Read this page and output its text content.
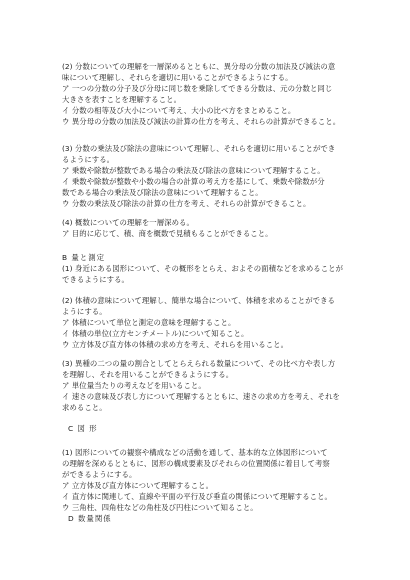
(2) 分数についての理解を一層深めるとともに、異分母の分数の加法及び減法の意
味について理解し、それらを適切に用いることができるようにする。
ア 一つの分数の分子及び分母に同じ数を乗除してできる分数は、元の分数と同じ
大きさを表すことを理解すること。
イ 分数の相等及び大小について考え、大小の比べ方をまとめること。
ウ 異分母の分数の加法及び減法の計算の仕方を考え、それらの計算ができること。
(3) 分数の乗法及び除法の意味について理解し、それらを適切に用いることができ
るようにする。
ア 乗数や除数が整数である場合の乗法及び除法の意味について理解すること。
イ 乗数や除数が整数や小数の場合の計算の考え方を基にして、乗数や除数が分
数である場合の乗法及び除法の意味について理解すること。
ウ 分数の乗法及び除法の計算の仕方を考え、それらの計算ができること。
(4) 概数についての理解を一層深める。
ア 目的に応じて、積、商を概数で見積もることができること。
B 量と測定
(1) 身近にある図形について、その概形をとらえ、およその面積などを求めることが
できるようにする。
(2) 体積の意味について理解し、簡単な場合について、体積を求めることができる
ようにする。
ア 体積について単位と測定の意味を理解すること。
イ 体積の単位(立方センチメートル)について知ること。
ウ 立方体及び直方体の体積の求め方を考え、それらを用いること。
(3) 異種の二つの量の割合としてとらえられる数量について、その比べ方や表し方
を理解し、それを用いることができるようにする。
ア 単位量当たりの考えなどを用いること。
イ 速さの意味及び表し方について理解するとともに、速さの求め方を考え、それを
求めること。
C 図 形
(1) 図形についての観察や構成などの活動を通して、基本的な立体図形について
の理解を深めるとともに、図形の構成要素及びそれらの位置関係に着目して考察
ができるようにする。
ア 立方体及び直方体について理解すること。
イ 直方体に関連して、直線や平面の平行及び垂直の関係について理解すること。
ウ 三角柱、四角柱などの角柱及び円柱について知ること。
D 数量関係
